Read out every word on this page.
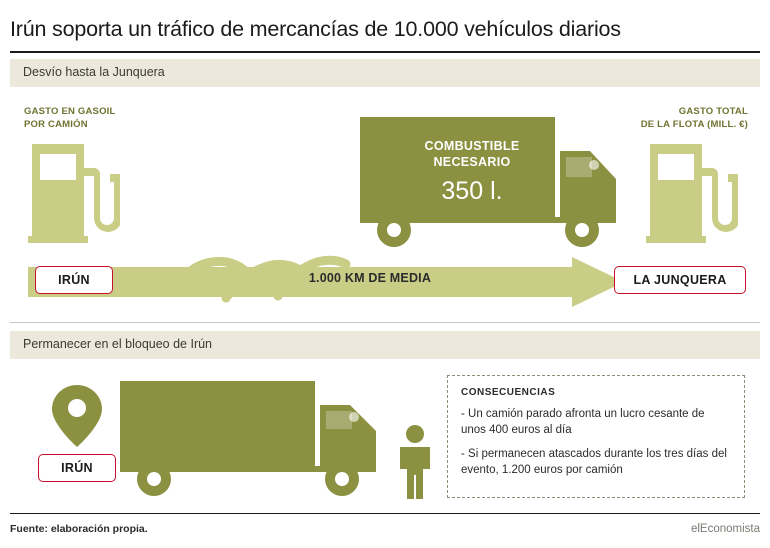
Irún soporta un tráfico de mercancías de 10.000 vehículos diarios
Desvío hasta la Junquera
GASTO EN GASOIL
POR CAMIÓN
GASTO TOTAL
DE LA FLOTA (MILL. €)
COMBUSTIBLE
NECESARIO
350 l.
1.000 KM DE MEDIA
IRÚN	LA JUNQUERA
Permanecer en el bloqueo de Irún
IRÚN
CONSECUENCIAS
- Un camión parado afronta un lucro cesante de unos 400 euros al día
- Si permanecen atascados durante los tres días del evento, 1.200 euros por camión
Fuente: elaboración propia.	elEconomista
